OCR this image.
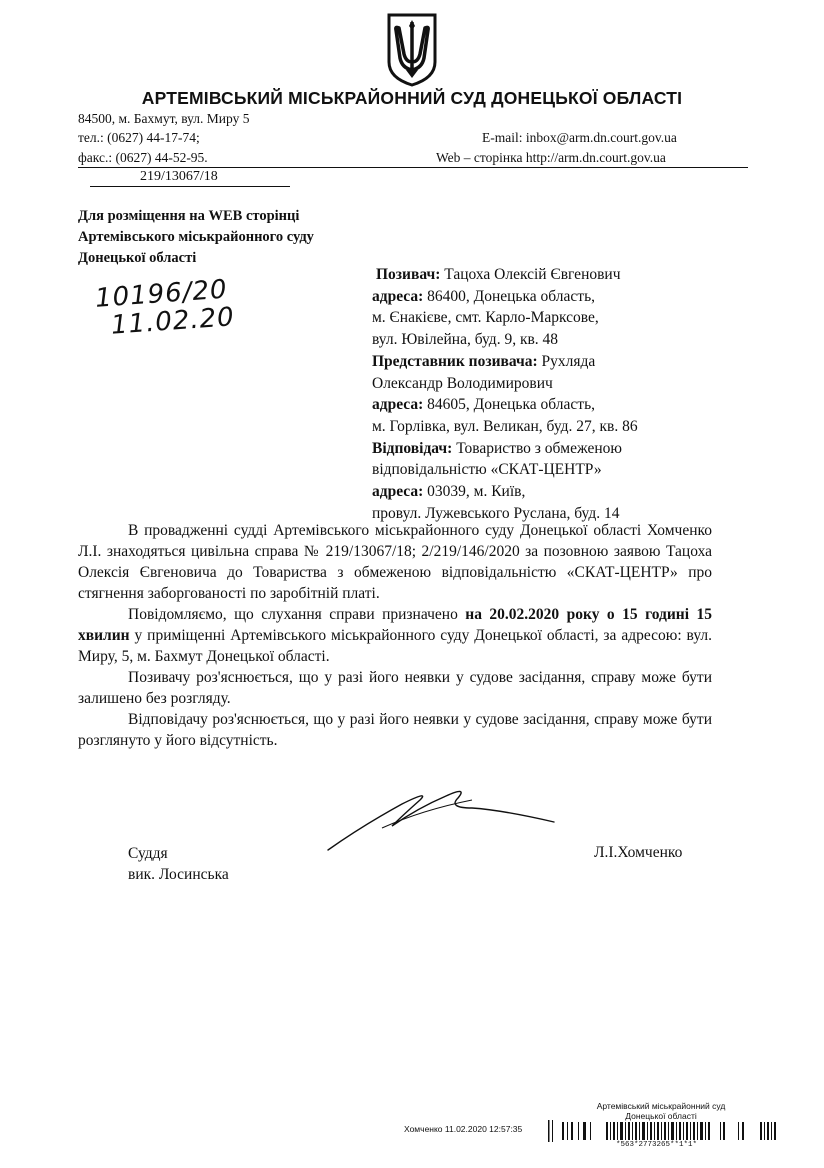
АРТЕМІВСЬКИЙ МІСЬКРАЙОННИЙ СУД ДОНЕЦЬКОЇ ОБЛАСТІ
84500, м. Бахмут, вул. Миру 5
тел.: (0627) 44-17-74;
факс.: (0627) 44-52-95.
E-mail: inbox@arm.dn.court.gov.ua
Web – сторінка http://arm.dn.court.gov.ua
219/13067/18
Для розміщення на WEB сторінці
Артемівського міськрайонного суду
Донецької області
10196/20
11.02.20
Позивач: Тацоха Олексій Євгенович
адреса: 86400, Донецька область,
м. Єнакієве, смт. Карло-Марксове,
вул. Ювілейна, буд. 9, кв. 48
Представник позивача: Рухляда
Олександр Володимирович
адреса: 84605, Донецька область,
м. Горлівка, вул. Великан, буд. 27, кв. 86
Відповідач: Товариство з обмеженою
відповідальністю «СКАТ-ЦЕНТР»
адреса: 03039, м. Київ,
провул. Лужевського Руслана, буд. 14

В провадженні судді Артемівського міськрайонного суду Донецької області Хомченко Л.І. знаходяться цивільна справа № 219/13067/18; 2/219/146/2020 за позовною заявою Тацоха Олексія Євгеновича до Товариства з обмеженою відповідальністю «СКАТ-ЦЕНТР» про стягнення заборгованості по заробітній платі.

Повідомляємо, що слухання справи призначено на 20.02.2020 року о 15 годині 15 хвилин у приміщенні Артемівського міськрайонного суду Донецької області, за адресою: вул. Миру, 5, м. Бахмут Донецької області.

Позивачу роз'яснюється, що у разі його неявки у судове засідання, справу може бути залишено без розгляду.

Відповідачу роз'яснюється, що у разі його неявки у судове засідання, справу може бути розглянуто у його відсутність.

Суддя
вик. Лосинська
Л.І.Хомченко
Артемівський міськрайонний суд
Донецької області
Хомченко 11.02.2020 12:57:35
*563*2773265**1*1*
